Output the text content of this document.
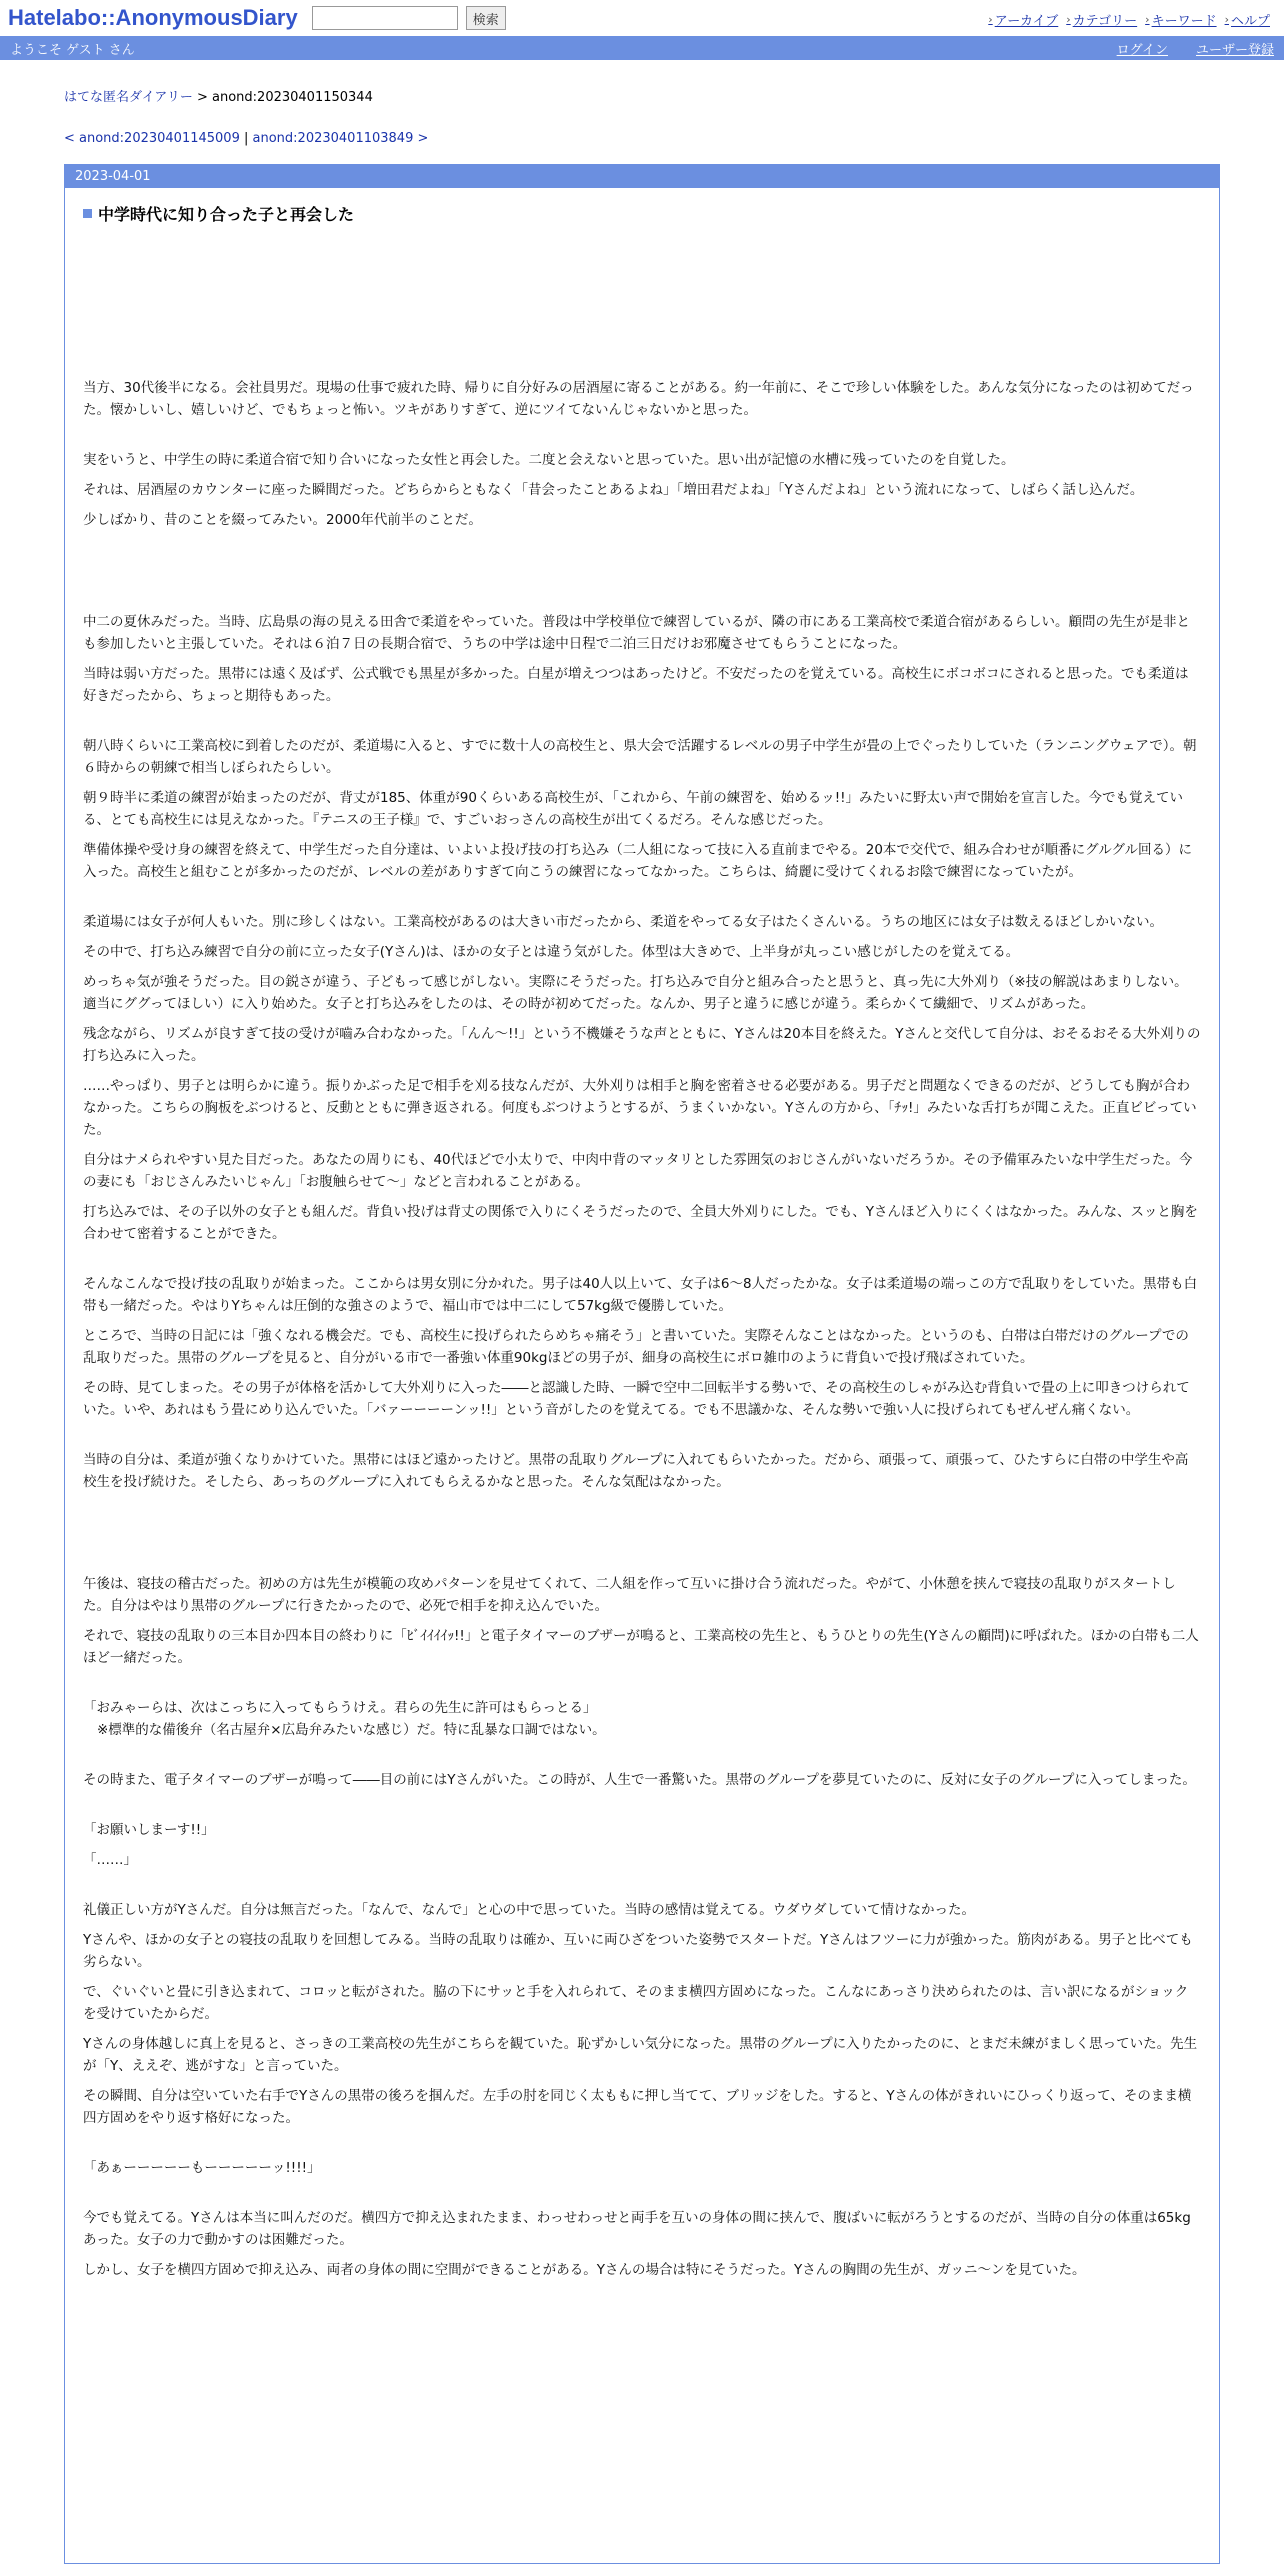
Hatelabo::AnonymousDiary	検索	› アーカイブ › カテゴリー › キーワード › ヘルプ
ようこそ ゲスト さん	ログイン ユーザー登録
はてな匿名ダイアリー > anond:20230401150344
< anond:20230401145009 | anond:20230401103849 >
2023-04-01
中学時代に知り合った子と再会した

当方、30代後半になる。会社員男だ。現場の仕事で疲れた時、帰りに自分好みの居酒屋に寄ることがある。約一年前に、そこで珍しい体験をした。あんな気分になったのは初めてだった。懐かしいし、嬉しいけど、でもちょっと怖い。ツキがありすぎて、逆にツイてないんじゃないかと思った。

実をいうと、中学生の時に柔道合宿で知り合いになった女性と再会した。二度と会えないと思っていた。思い出が記憶の水槽に残っていたのを自覚した。

それは、居酒屋のカウンターに座った瞬間だった。どちらからともなく「昔会ったことあるよね」「増田君だよね」「Yさんだよね」という流れになって、しばらく話し込んだ。

少しばかり、昔のことを綴ってみたい。2000年代前半のことだ。

中二の夏休みだった。当時、広島県の海の見える田舎で柔道をやっていた。普段は中学校単位で練習しているが、隣の市にある工業高校で柔道合宿があるらしい。顧問の先生が是非とも参加したいと主張していた。それは６泊７日の長期合宿で、うちの中学は途中日程で二泊三日だけお邪魔させてもらうことになった。

当時は弱い方だった。黒帯には遠く及ばず、公式戦でも黒星が多かった。白星が増えつつはあったけど。不安だったのを覚えている。高校生にボコボコにされると思った。でも柔道は好きだったから、ちょっと期待もあった。

朝八時くらいに工業高校に到着したのだが、柔道場に入ると、すでに数十人の高校生と、県大会で活躍するレベルの男子中学生が畳の上でぐったりしていた（ランニングウェアで）。朝６時からの朝練で相当しぼられたらしい。

朝９時半に柔道の練習が始まったのだが、背丈が185、体重が90くらいある高校生が、「これから、午前の練習を、始めるッ!!」みたいに野太い声で開始を宣言した。今でも覚えている、とても高校生には見えなかった。『テニスの王子様』で、すごいおっさんの高校生が出てくるだろ。そんな感じだった。

準備体操や受け身の練習を終えて、中学生だった自分達は、いよいよ投げ技の打ち込み（二人組になって技に入る直前までやる。20本で交代で、組み合わせが順番にグルグル回る）に入った。高校生と組むことが多かったのだが、レベルの差がありすぎて向こうの練習になってなかった。こちらは、綺麗に受けてくれるお陰で練習になっていたが。

柔道場には女子が何人もいた。別に珍しくはない。工業高校があるのは大きい市だったから、柔道をやってる女子はたくさんいる。うちの地区には女子は数えるほどしかいない。

その中で、打ち込み練習で自分の前に立った女子(Yさん)は、ほかの女子とは違う気がした。体型は大きめで、上半身が丸っこい感じがしたのを覚えてる。

めっちゃ気が強そうだった。目の鋭さが違う、子どもって感じがしない。実際にそうだった。打ち込みで自分と組み合ったと思うと、真っ先に大外刈り（※技の解説はあまりしない。適当にググってほしい）に入り始めた。女子と打ち込みをしたのは、その時が初めてだった。なんか、男子と違うに感じが違う。柔らかくて繊細で、リズムがあった。

残念ながら、リズムが良すぎて技の受けが嚙み合わなかった。「んん～!!」という不機嫌そうな声とともに、Yさんは20本目を終えた。Yさんと交代して自分は、おそるおそる大外刈りの打ち込みに入った。

……やっぱり、男子とは明らかに違う。振りかぶった足で相手を刈る技なんだが、大外刈りは相手と胸を密着させる必要がある。男子だと問題なくできるのだが、どうしても胸が合わなかった。こちらの胸板をぶつけると、反動とともに弾き返される。何度もぶつけようとするが、うまくいかない。Yさんの方から、「ﾁｯ!」みたいな舌打ちが聞こえた。正直ビビっていた。

自分はナメられやすい見た目だった。あなたの周りにも、40代ほどで小太りで、中肉中背のマッタリとした雰囲気のおじさんがいないだろうか。その予備軍みたいな中学生だった。今の妻にも「おじさんみたいじゃん」「お腹触らせて～」などと言われることがある。

打ち込みでは、その子以外の女子とも組んだ。背負い投げは背丈の関係で入りにくそうだったので、全員大外刈りにした。でも、Yさんほど入りにくくはなかった。みんな、スッと胸を合わせて密着することができた。

そんなこんなで投げ技の乱取りが始まった。ここからは男女別に分かれた。男子は40人以上いて、女子は6～8人だったかな。女子は柔道場の端っこの方で乱取りをしていた。黒帯も白帯も一緒だった。やはりYちゃんは圧倒的な強さのようで、福山市では中二にして57kg級で優勝していた。

ところで、当時の日記には「強くなれる機会だ。でも、高校生に投げられたらめちゃ痛そう」と書いていた。実際そんなことはなかった。というのも、白帯は白帯だけのグループでの乱取りだった。黒帯のグループを見ると、自分がいる市で一番強い体重90kgほどの男子が、細身の高校生にボロ雑巾のように背負いで投げ飛ばされていた。

その時、見てしまった。その男子が体格を活かして大外刈りに入った――と認識した時、一瞬で空中二回転半する勢いで、その高校生のしゃがみ込む背負いで畳の上に叩きつけられていた。いや、あれはもう畳にめり込んでいた。「バァーーーーンッ!!」という音がしたのを覚えてる。でも不思議かな、そんな勢いで強い人に投げられてもぜんぜん痛くない。

当時の自分は、柔道が強くなりかけていた。黒帯にはほど遠かったけど。黒帯の乱取りグループに入れてもらいたかった。だから、頑張って、頑張って、ひたすらに白帯の中学生や高校生を投げ続けた。そしたら、あっちのグループに入れてもらえるかなと思った。そんな気配はなかった。

午後は、寝技の稽古だった。初めの方は先生が模範の攻めパターンを見せてくれて、二人組を作って互いに掛け合う流れだった。やがて、小休憩を挟んで寝技の乱取りがスタートした。自分はやはり黒帯のグループに行きたかったので、必死で相手を抑え込んでいた。

それで、寝技の乱取りの三本目か四本目の終わりに「ﾋﾞｲｲｲｲｯ!!」と電子タイマーのブザーが鳴ると、工業高校の先生と、もうひとりの先生(Yさんの顧問)に呼ばれた。ほかの白帯も二人ほど一緒だった。

「おみゃーらは、次はこっちに入ってもらうけえ。君らの先生に許可はもらっとる」

※標準的な備後弁（名古屋弁×広島弁みたいな感じ）だ。特に乱暴な口調ではない。

その時また、電子タイマーのブザーが鳴って――目の前にはYさんがいた。この時が、人生で一番驚いた。黒帯のグループを夢見ていたのに、反対に女子のグループに入ってしまった。

「お願いしまーす!!」

「……」

礼儀正しい方がYさんだ。自分は無言だった。「なんで、なんで」と心の中で思っていた。当時の感情は覚えてる。ウダウダしていて情けなかった。

Yさんや、ほかの女子との寝技の乱取りを回想してみる。当時の乱取りは確か、互いに両ひざをついた姿勢でスタートだ。Yさんはフツーに力が強かった。筋肉がある。男子と比べても劣らない。

で、ぐいぐいと畳に引き込まれて、コロッと転がされた。脇の下にサッと手を入れられて、そのまま横四方固めになった。こんなにあっさり決められたのは、言い訳になるがショックを受けていたからだ。

Yさんの身体越しに真上を見ると、さっきの工業高校の先生がこちらを観ていた。恥ずかしい気分になった。黒帯のグループに入りたかったのに、とまだ未練がましく思っていた。先生が「Y、ええぞ、逃がすな」と言っていた。

その瞬間、自分は空いていた右手でYさんの黒帯の後ろを掴んだ。左手の肘を同じく太ももに押し当てて、ブリッジをした。すると、Yさんの体がきれいにひっくり返って、そのまま横四方固めをやり返す格好になった。

「あぁーーーーーもーーーーーッ!!!!」

今でも覚えてる。Yさんは本当に叫んだのだ。横四方で抑え込まれたまま、わっせわっせと両手を互いの身体の間に挟んで、腹ばいに転がろうとするのだが、当時の自分の体重は65kgあった。女子の力で動かすのは困難だった。

しかし、女子を横四方固めで抑え込み、両者の身体の間に空間ができることがある。Yさんの場合は特にそうだった。Yさんの胸間の先生が、ガッニ～ンを見ていた。
